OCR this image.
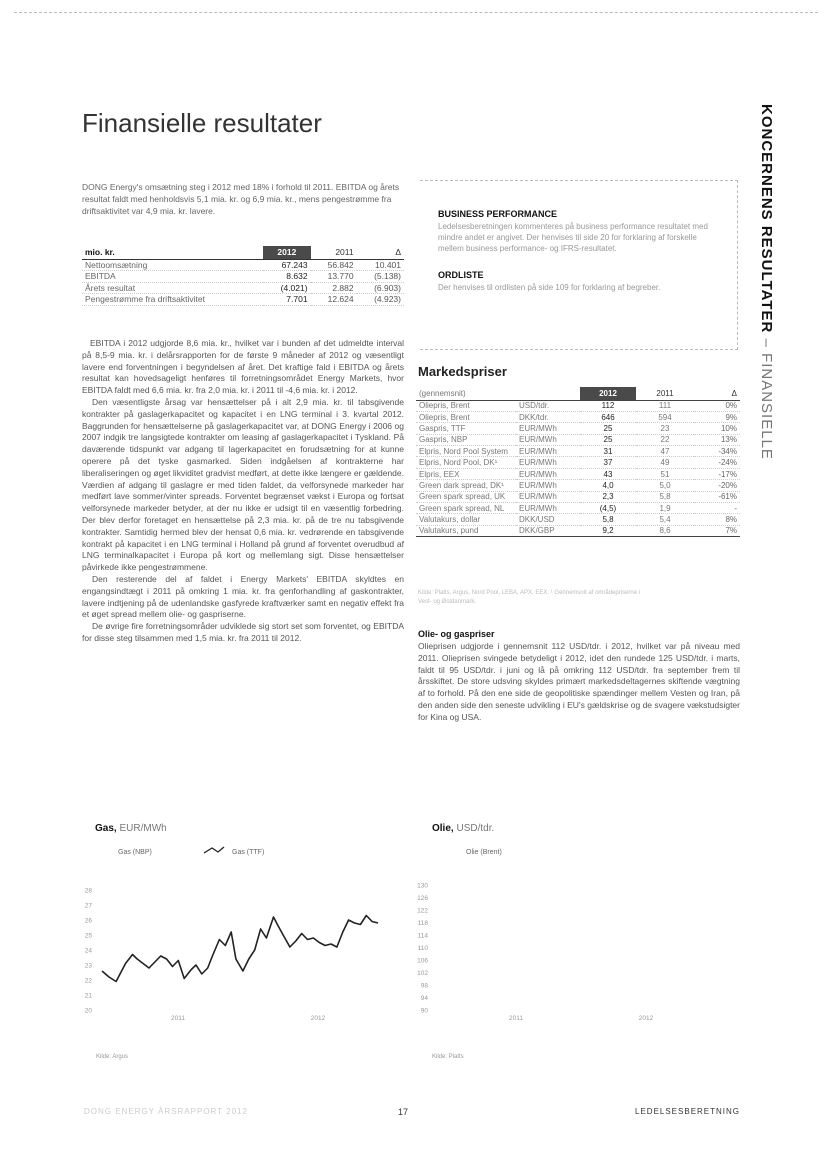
KONCERNENS RESULTATER – FINANSIELLE
Finansielle resultater

DONG Energy's omsætning steg i 2012 med 18% i forhold til 2011. EBITDA og årets resultat faldt med henholdsvis 5,1 mia. kr. og 6,9 mia. kr., mens pengestrømme fra driftsaktivitet var 4,9 mia. kr. lavere.

mio. kr.	2012	2011	Δ
Nettoomsætning	67.243	56.842	10.401
EBITDA	8.632	13.770	(5.138)
Årets resultat	(4.021)	2.882	(6.903)
Pengestrømme fra driftsaktivitet	7.701	12.624	(4.923)

EBITDA i 2012 udgjorde 8,6 mia. kr., hvilket var i bunden af det udmeldte interval på 8,5-9 mia. kr. i delårsrapporten for de første 9 måneder af 2012 og væsentligt lavere end forventningen i begyndelsen af året. Det kraftige fald i EBITDA og årets resultat kan hovedsageligt henføres til forretningsområdet Energy Markets, hvor EBITDA faldt med 6,6 mia. kr. fra 2,0 mia. kr. i 2011 til -4,6 mia. kr. i 2012.

Den væsentligste årsag var hensættelser på i alt 2,9 mia. kr. til tabsgivende kontrakter på gaslagerkapacitet og kapacitet i en LNG terminal i 3. kvartal 2012. Baggrunden for hensættelserne på gaslagerkapacitet var, at DONG Energy i 2006 og 2007 indgik tre langsigtede kontrakter om leasing af gaslagerkapacitet i Tyskland. På daværende tidspunkt var adgang til lagerkapacitet en forudsætning for at kunne operere på det tyske gasmarked. Siden indgåelsen af kontrakterne har liberaliseringen og øget likviditet gradvist medført, at dette ikke længere er gældende. Værdien af adgang til gaslagre er med tiden faldet, da velforsynede markeder har medført lave sommer/vinter spreads. Forventet begrænset vækst i Europa og fortsat velforsynede markeder betyder, at der nu ikke er udsigt til en væsentlig forbedring. Der blev derfor foretaget en hensættelse på 2,3 mia. kr. på de tre nu tabsgivende kontrakter. Samtidig hermed blev der hensat 0,6 mia. kr. vedrørende en tabsgivende kontrakt på kapacitet i en LNG terminal i Holland på grund af forventet overudbud af LNG terminalkapacitet i Europa på kort og mellemlang sigt. Disse hensættelser påvirkede ikke pengestrømmene.

Den resterende del af faldet i Energy Markets' EBITDA skyldtes en engangsindtægt i 2011 på omkring 1 mia. kr. fra genforhandling af gaskontrakter, lavere indtjening på de udenlandske gasfyrede kraftværker samt en negativ effekt fra et øget spread mellem olie- og gaspriserne.

De øvrige fire forretningsområder udviklede sig stort set som forventet, og EBITDA for disse steg tilsammen med 1,5 mia. kr. fra 2011 til 2012.

BUSINESS PERFORMANCE

Ledelsesberetningen kommenteres på business performance resultatet med mindre andet er angivet. Der henvises til side 20 for forklaring af forskelle mellem business performance- og IFRS-resultatet.

ORDLISTE

Der henvises til ordlisten på side 109 for forklaring af begreber.

Markedspriser
(gennemsnit)		2012	2011	Δ
Oliepris, Brent	USD/tdr.	112	111	0%
Oliepris, Brent	DKK/tdr.	646	594	9%
Gaspris, TTF	EUR/MWh	25	23	10%
Gaspris, NBP	EUR/MWh	25	22	13%
Elpris, Nord Pool System	EUR/MWh	31	47	-34%
Elpris, Nord Pool, DK¹	EUR/MWh	37	49	-24%
Elpris, EEX	EUR/MWh	43	51	-17%
Green dark spread, DK¹	EUR/MWh	4,0	5,0	-20%
Green spark spread, UK	EUR/MWh	2,3	5,8	-61%
Green spark spread, NL	EUR/MWh	(4,5)	1,9	-
Valutakurs, dollar	DKK/USD	5,8	5,4	8%
Valutakurs, pund	DKK/GBP	9,2	8,6	7%

Kilde: Platts, Argus, Nord Pool, LEBA, APX, EEX. ¹ Gennemsnit af områdepriserne i Vest- og Østdanmark.

Olie- og gaspriser

Olieprisen udgjorde i gennemsnit 112 USD/tdr. i 2012, hvilket var på niveau med 2011. Olieprisen svingede betydeligt i 2012, idet den rundede 125 USD/tdr. i marts, faldt til 95 USD/tdr. i juni og lå på omkring 112 USD/tdr. fra september frem til årsskiftet. De store udsving skyldes primært markedsdeltagernes skiftende vægtning af to forhold. På den ene side de geopolitiske spændinger mellem Vesten og Iran, på den anden side den seneste udvikling i EU's gældskrise og de svagere vækstudsigter for Kina og USA.

Gas, EUR/MWh
Gas (NBP)	Gas (TTF)
20
21
22
23
24
25
26
27
28
2011	2012
Kilde: Argus
Olie, USD/tdr.
Olie (Brent)
90
94
98
102
106
110
114
118
122
126
130
2011	2012
Kilde: Platts
DONG ENERGY ÅRSRAPPORT 2012	17	LEDELSESBERETNING
